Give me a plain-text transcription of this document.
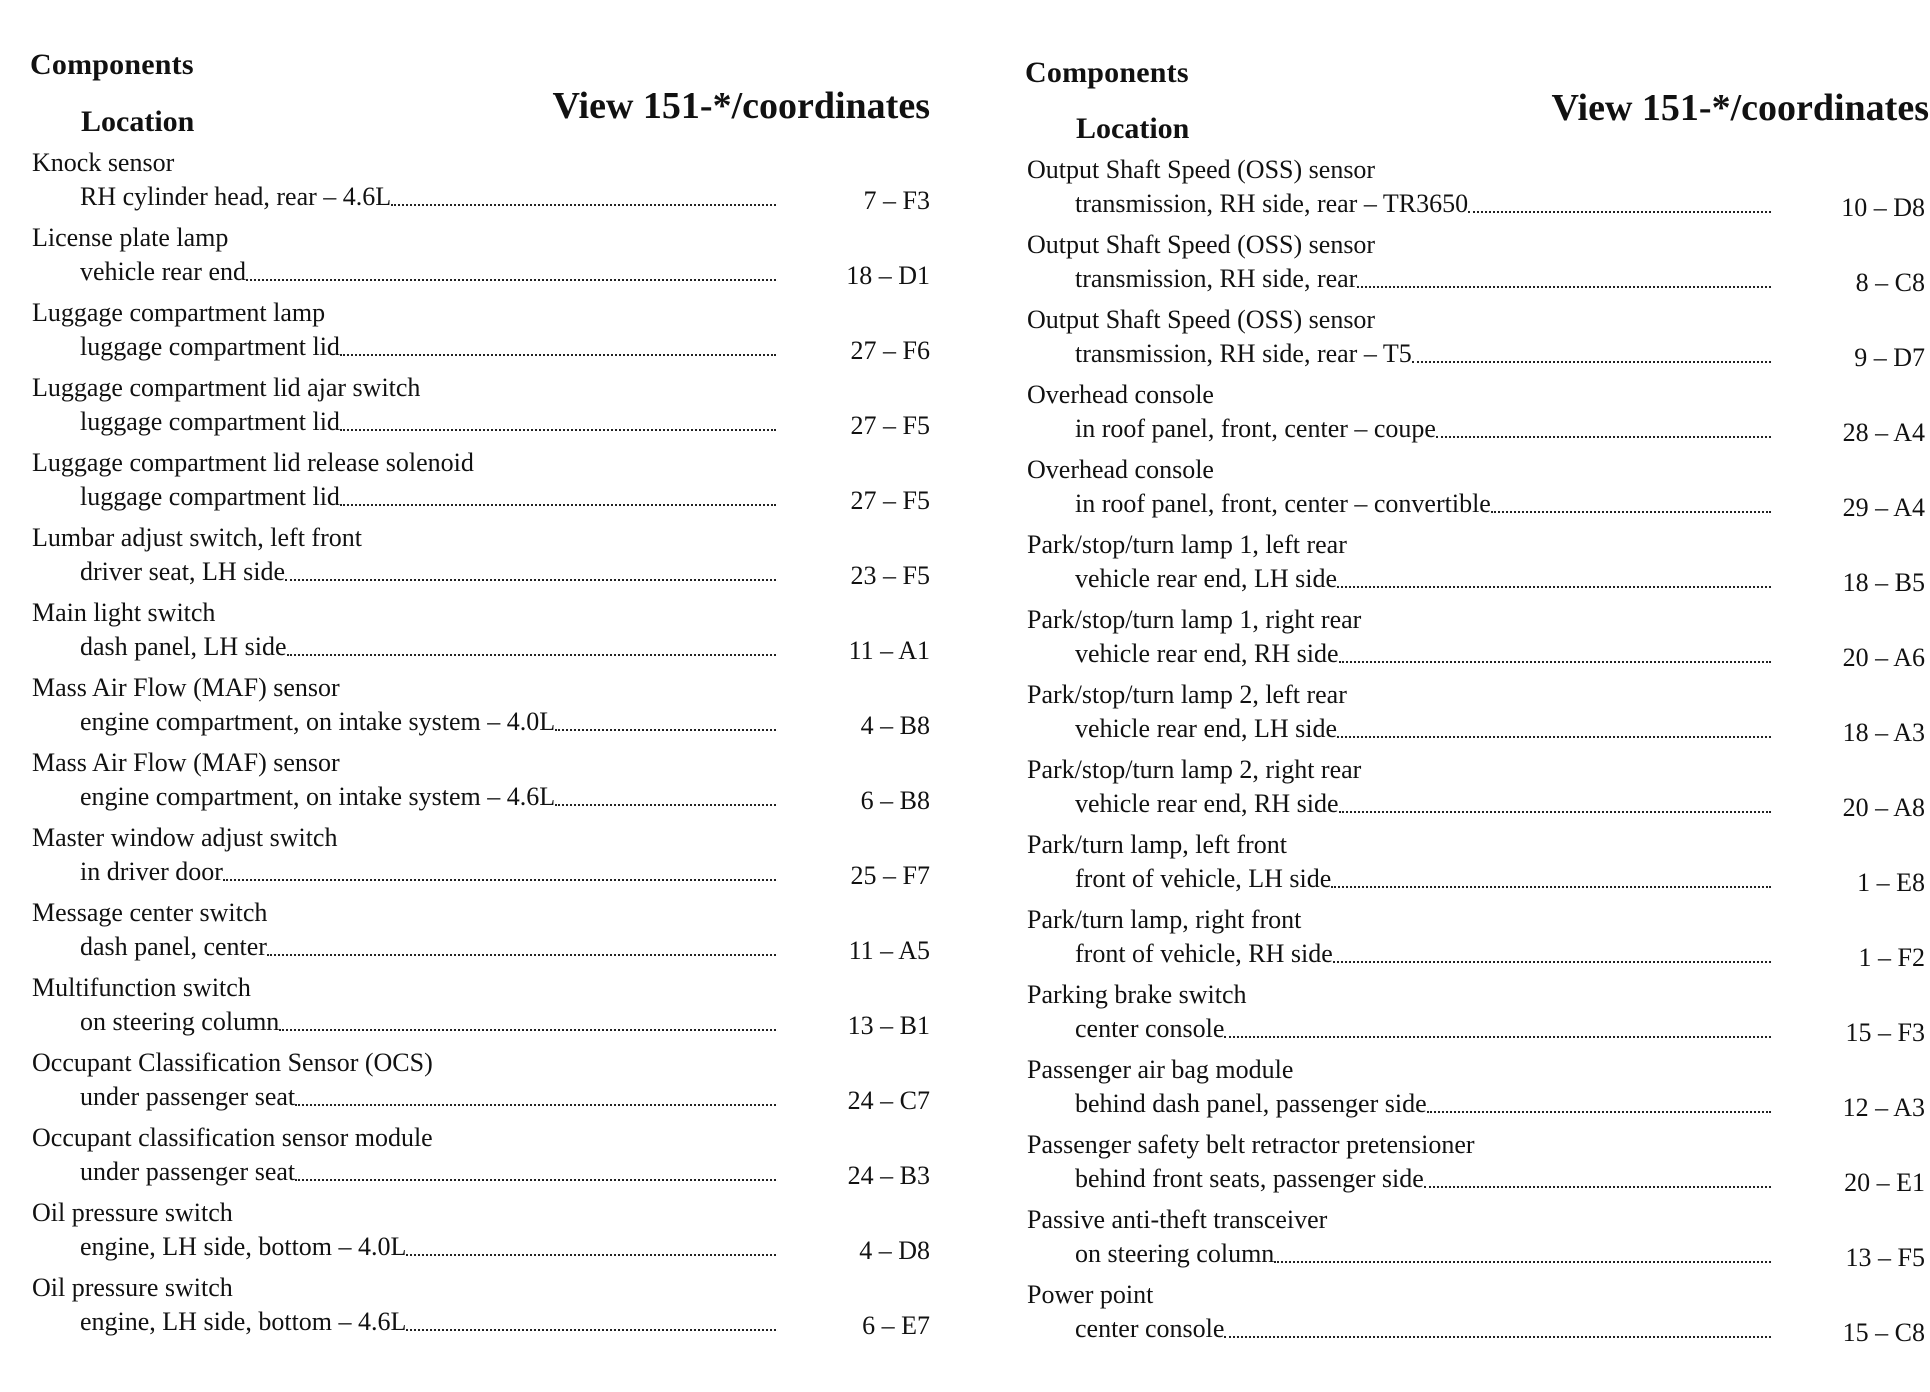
Components
Location	View 151-*/coordinates
Knock sensor
RH cylinder head, rear – 4.6L	7 – F3
License plate lamp
vehicle rear end	18 – D1
Luggage compartment lamp
luggage compartment lid	27 – F6
Luggage compartment lid ajar switch
luggage compartment lid	27 – F5
Luggage compartment lid release solenoid
luggage compartment lid	27 – F5
Lumbar adjust switch, left front
driver seat, LH side	23 – F5
Main light switch
dash panel, LH side	11 – A1
Mass Air Flow (MAF) sensor
engine compartment, on intake system – 4.0L	4 – B8
Mass Air Flow (MAF) sensor
engine compartment, on intake system – 4.6L	6 – B8
Master window adjust switch
in driver door	25 – F7
Message center switch
dash panel, center	11 – A5
Multifunction switch
on steering column	13 – B1
Occupant Classification Sensor (OCS)
under passenger seat	24 – C7
Occupant classification sensor module
under passenger seat	24 – B3
Oil pressure switch
engine, LH side, bottom – 4.0L	4 – D8
Oil pressure switch
engine, LH side, bottom – 4.6L	6 – E7
Components
Location	View 151-*/coordinates
Output Shaft Speed (OSS) sensor
transmission, RH side, rear – TR3650	10 – D8
Output Shaft Speed (OSS) sensor
transmission, RH side, rear	8 – C8
Output Shaft Speed (OSS) sensor
transmission, RH side, rear – T5	9 – D7
Overhead console
in roof panel, front, center – coupe	28 – A4
Overhead console
in roof panel, front, center – convertible	29 – A4
Park/stop/turn lamp 1, left rear
vehicle rear end, LH side	18 – B5
Park/stop/turn lamp 1, right rear
vehicle rear end, RH side	20 – A6
Park/stop/turn lamp 2, left rear
vehicle rear end, LH side	18 – A3
Park/stop/turn lamp 2, right rear
vehicle rear end, RH side	20 – A8
Park/turn lamp, left front
front of vehicle, LH side	1 – E8
Park/turn lamp, right front
front of vehicle, RH side	1 – F2
Parking brake switch
center console	15 – F3
Passenger air bag module
behind dash panel, passenger side	12 – A3
Passenger safety belt retractor pretensioner
behind front seats, passenger side	20 – E1
Passive anti-theft transceiver
on steering column	13 – F5
Power point
center console	15 – C8
